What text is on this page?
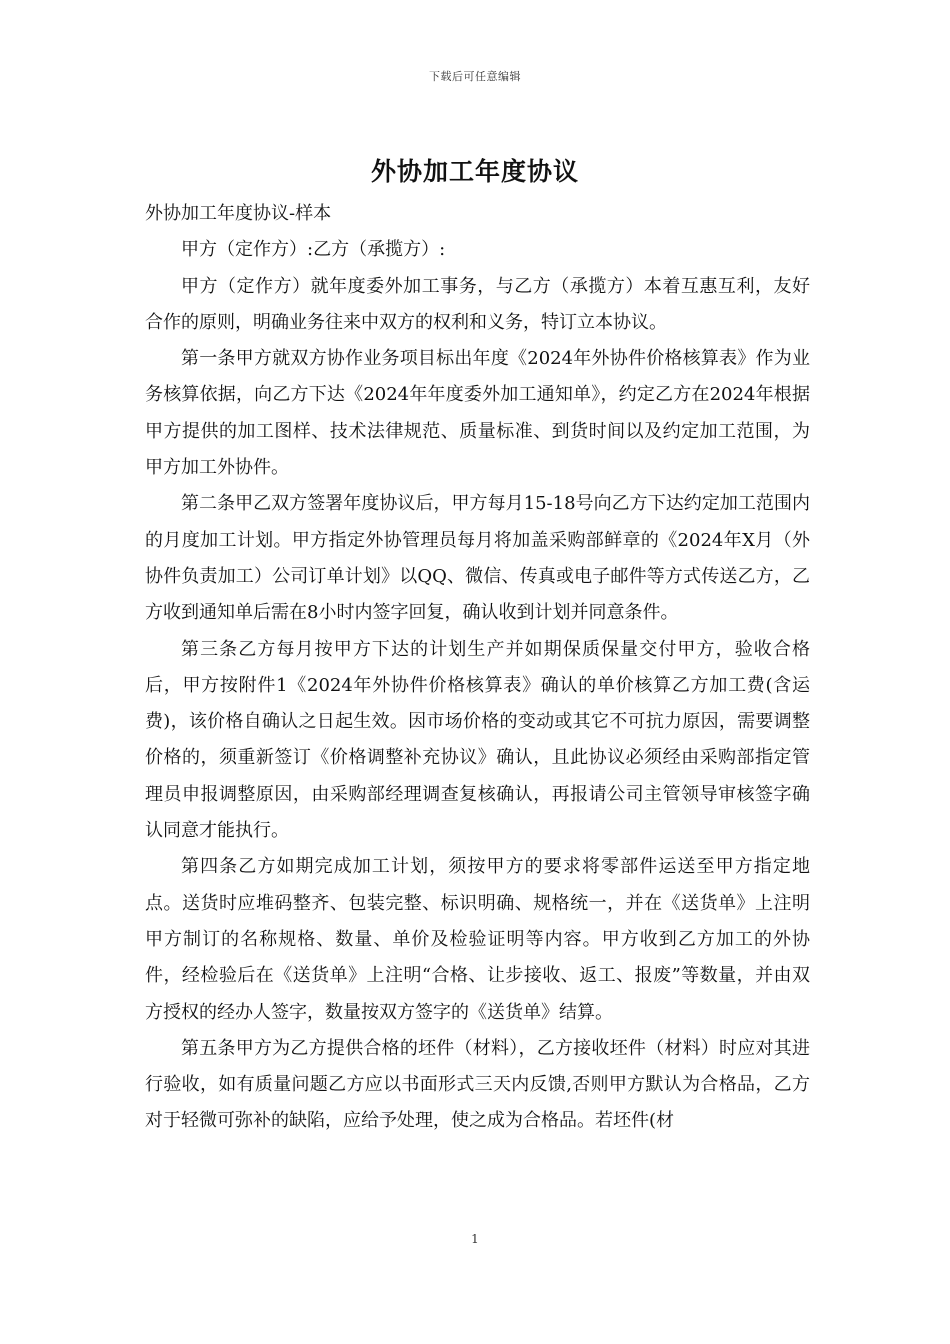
下载后可任意编辑
外协加工年度协议

外协加工年度协议-样本

甲方（定作方）:乙方（承揽方）:

甲方（定作方）就年度委外加工事务，与乙方（承揽方）本着互惠互利，友好合作的原则，明确业务往来中双方的权利和义务，特订立本协议。

第一条甲方就双方协作业务项目标出年度《2024年外协件价格核算表》作为业务核算依据，向乙方下达《2024年年度委外加工通知单》，约定乙方在2024年根据甲方提供的加工图样、技术法律规范、质量标准、到货时间以及约定加工范围，为甲方加工外协件。

第二条甲乙双方签署年度协议后，甲方每月15-18号向乙方下达约定加工范围内的月度加工计划。甲方指定外协管理员每月将加盖采购部鲜章的《2024年X月（外协件负责加工）公司订单计划》以QQ、微信、传真或电子邮件等方式传送乙方，乙方收到通知单后需在8小时内签字回复，确认收到计划并同意条件。

第三条乙方每月按甲方下达的计划生产并如期保质保量交付甲方，验收合格后，甲方按附件1《2024年外协件价格核算表》确认的单价核算乙方加工费(含运费)，该价格自确认之日起生效。因市场价格的变动或其它不可抗力原因，需要调整价格的，须重新签订《价格调整补充协议》确认，且此协议必须经由采购部指定管理员申报调整原因，由采购部经理调查复核确认，再报请公司主管领导审核签字确认同意才能执行。

第四条乙方如期完成加工计划，须按甲方的要求将零部件运送至甲方指定地点。送货时应堆码整齐、包装完整、标识明确、规格统一，并在《送货单》上注明甲方制订的名称规格、数量、单价及检验证明等内容。甲方收到乙方加工的外协件，经检验后在《送货单》上注明“合格、让步接收、返工、报废”等数量，并由双方授权的经办人签字，数量按双方签字的《送货单》结算。

第五条甲方为乙方提供合格的坯件（材料），乙方接收坯件（材料）时应对其进行验收，如有质量问题乙方应以书面形式三天内反馈,否则甲方默认为合格品，乙方对于轻微可弥补的缺陷，应给予处理，使之成为合格品。若坯件(材

1
